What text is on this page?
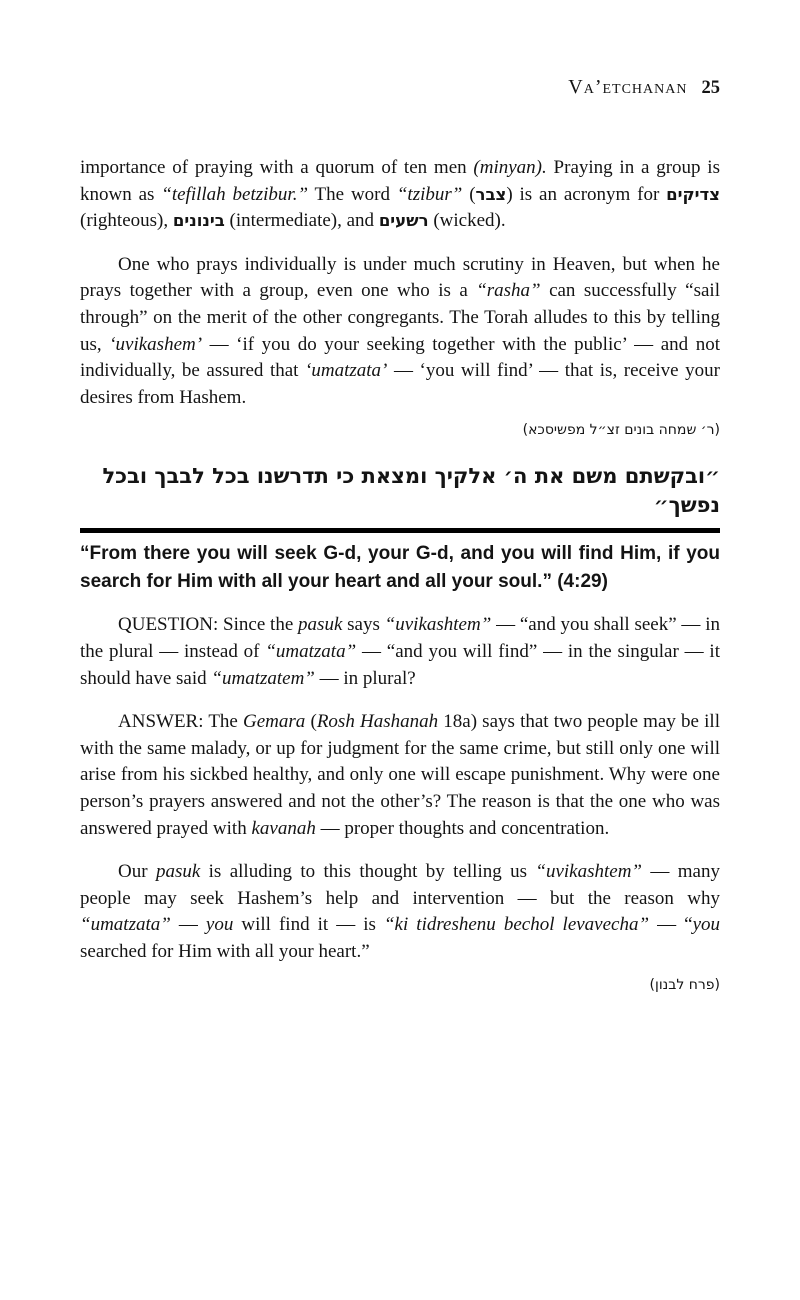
Va’etchanan 25

importance of praying with a quorum of ten men (minyan). Praying in a group is known as “tefillah betzibur.” The word “tzibur” (צבר) is an acronym for צדיקים (righteous), בינונים (intermediate), and רשעים (wicked).

One who prays individually is under much scrutiny in Heaven, but when he prays together with a group, even one who is a “rasha” can successfully “sail through” on the merit of the other congregants. The Torah alludes to this by telling us, ‘uvikashem’ — ‘if you do your seeking together with the public’ — and not individually, be assured that ‘umatzata’ — ‘you will find’ — that is, receive your desires from Hashem.

(ר׳ שמחה בונים זצ״ל מפשיסכא)

״ובקשתם משם את ה׳ אלקיך ומצאת כי תדרשנו בכל לבבך ובכל נפשך״

“From there you will seek G-d, your G-d, and you will find Him, if you search for Him with all your heart and all your soul.” (4:29)

QUESTION: Since the pasuk says “uvikashtem” — “and you shall seek” — in the plural — instead of “umatzata” — “and you will find” — in the singular — it should have said “umatzatem” — in plural?

ANSWER: The Gemara (Rosh Hashanah 18a) says that two people may be ill with the same malady, or up for judgment for the same crime, but still only one will arise from his sickbed healthy, and only one will escape punishment. Why were one person’s prayers answered and not the other’s? The reason is that the one who was answered prayed with kavanah — proper thoughts and concentration.

Our pasuk is alluding to this thought by telling us “uvikashtem” — many people may seek Hashem’s help and intervention — but the reason why “umatzata” — you will find it — is “ki tidreshenu bechol levavecha” — “you searched for Him with all your heart.”

(פרח לבנון)
